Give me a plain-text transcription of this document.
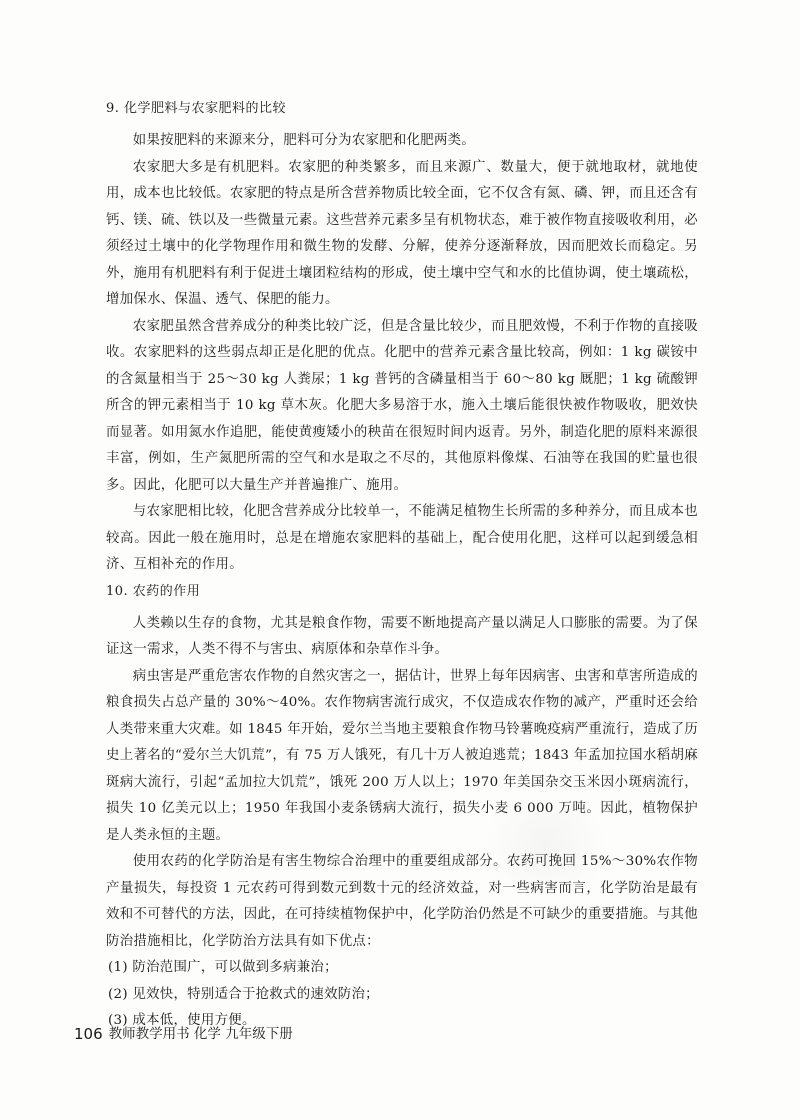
9. 化学肥料与农家肥料的比较

如果按肥料的来源来分，肥料可分为农家肥和化肥两类。

农家肥大多是有机肥料。农家肥的种类繁多，而且来源广、数量大，便于就地取材，就地使用，成本也比较低。农家肥的特点是所含营养物质比较全面，它不仅含有氮、磷、钾，而且还含有钙、镁、硫、铁以及一些微量元素。这些营养元素多呈有机物状态，难于被作物直接吸收利用，必须经过土壤中的化学物理作用和微生物的发酵、分解，使养分逐渐释放，因而肥效长而稳定。另外，施用有机肥料有利于促进土壤团粒结构的形成，使土壤中空气和水的比值协调，使土壤疏松，增加保水、保温、透气、保肥的能力。

农家肥虽然含营养成分的种类比较广泛，但是含量比较少，而且肥效慢，不利于作物的直接吸收。农家肥料的这些弱点却正是化肥的优点。化肥中的营养元素含量比较高，例如：1 kg 碳铵中的含氮量相当于 25～30 kg 人粪尿；1 kg 普钙的含磷量相当于 60～80 kg 厩肥；1 kg 硫酸钾所含的钾元素相当于 10 kg 草木灰。化肥大多易溶于水，施入土壤后能很快被作物吸收，肥效快而显著。如用氮水作追肥，能使黄瘦矮小的秧苗在很短时间内返青。另外，制造化肥的原料来源很丰富，例如，生产氮肥所需的空气和水是取之不尽的，其他原料像煤、石油等在我国的贮量也很多。因此，化肥可以大量生产并普遍推广、施用。

与农家肥相比较，化肥含营养成分比较单一，不能满足植物生长所需的多种养分，而且成本也较高。因此一般在施用时，总是在增施农家肥料的基础上，配合使用化肥，这样可以起到缓急相济、互相补充的作用。

10. 农药的作用

人类赖以生存的食物，尤其是粮食作物，需要不断地提高产量以满足人口膨胀的需要。为了保证这一需求，人类不得不与害虫、病原体和杂草作斗争。

病虫害是严重危害农作物的自然灾害之一，据估计，世界上每年因病害、虫害和草害所造成的粮食损失占总产量的 30%～40%。农作物病害流行成灾，不仅造成农作物的减产，严重时还会给人类带来重大灾难。如 1845 年开始，爱尔兰当地主要粮食作物马铃薯晚疫病严重流行，造成了历史上著名的“爱尔兰大饥荒”，有 75 万人饿死，有几十万人被迫逃荒；1843 年孟加拉国水稻胡麻斑病大流行，引起“孟加拉大饥荒”，饿死 200 万人以上；1970 年美国杂交玉米因小斑病流行，损失 10 亿美元以上；1950 年我国小麦条锈病大流行，损失小麦 6 000 万吨。因此，植物保护是人类永恒的主题。

使用农药的化学防治是有害生物综合治理中的重要组成部分。农药可挽回 15%～30%农作物产量损失，每投资 1 元农药可得到数元到数十元的经济效益，对一些病害而言，化学防治是最有效和不可替代的方法，因此，在可持续植物保护中，化学防治仍然是不可缺少的重要措施。与其他防治措施相比，化学防治方法具有如下优点：

(1) 防治范围广，可以做到多病兼治；

(2) 见效快，特别适合于抢救式的速效防治；

(3) 成本低，使用方便。

106 教师教学用书 化学 九年级下册
